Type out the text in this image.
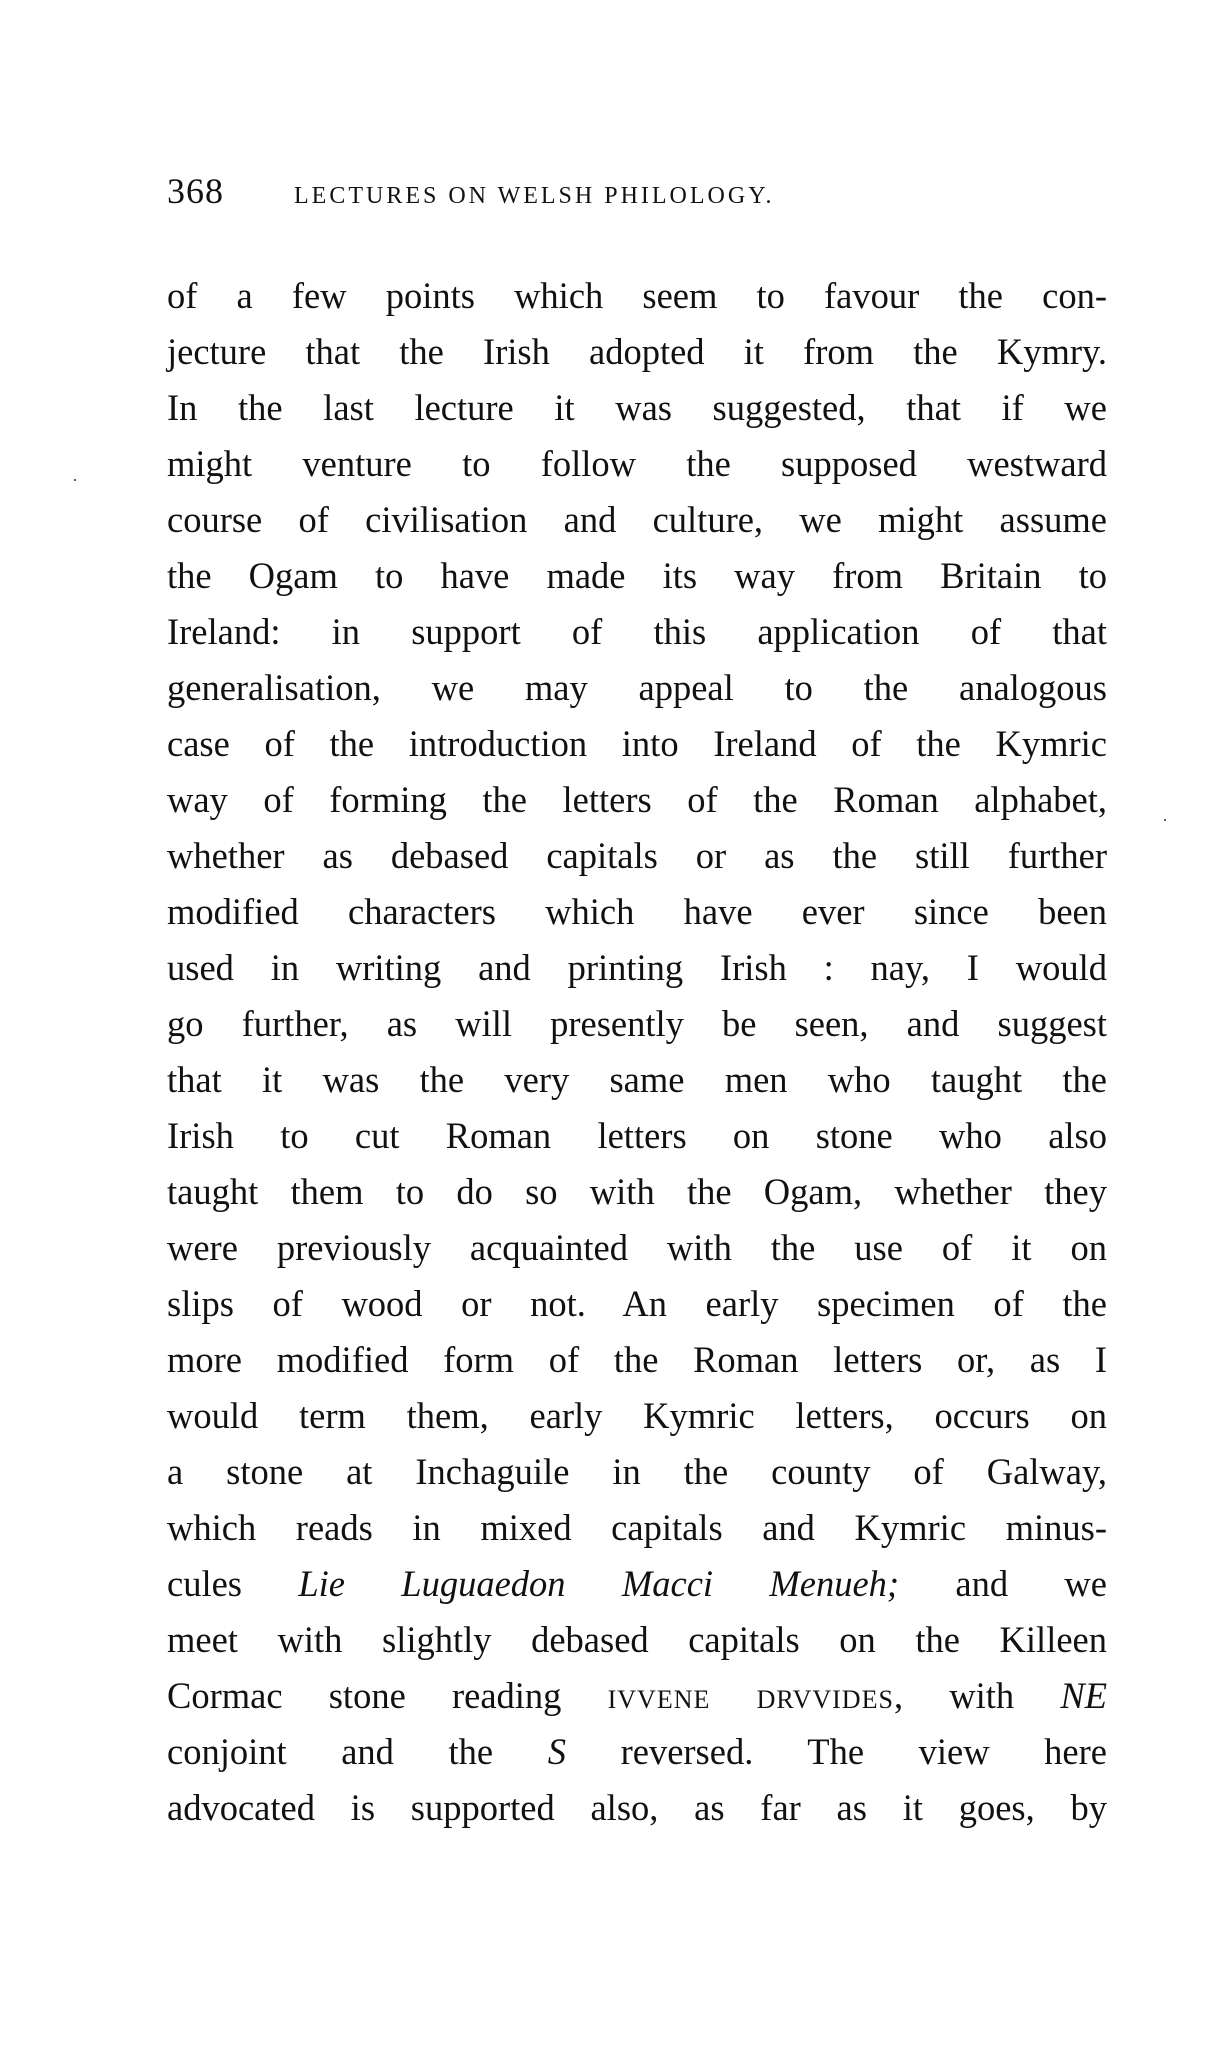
368	LECTURES ON WELSH PHILOLOGY.
·
·
of a few points which seem to favour the con-
jecture that the Irish adopted it from the Kymry.
In the last lecture it was suggested, that if we
might venture to follow the supposed westward
course of civilisation and culture, we might assume
the Ogam to have made its way from Britain to
Ireland: in support of this application of that
generalisation, we may appeal to the analogous
case of the introduction into Ireland of the Kymric
way of forming the letters of the Roman alphabet,
whether as debased capitals or as the still further
modified characters which have ever since been
used in writing and printing Irish : nay, I would
go further, as will presently be seen, and suggest
that it was the very same men who taught the
Irish to cut Roman letters on stone who also
taught them to do so with the Ogam, whether they
were previously acquainted with the use of it on
slips of wood or not. An early specimen of the
more modified form of the Roman letters or, as I
would term them, early Kymric letters, occurs on
a stone at Inchaguile in the county of Galway,
which reads in mixed capitals and Kymric minus-
cules Lie Luguaedon Macci Menueh; and we
meet with slightly debased capitals on the Killeen
Cormac stone reading ivvene drvvides, with NE
conjoint and the S reversed. The view here
advocated is supported also, as far as it goes, by
